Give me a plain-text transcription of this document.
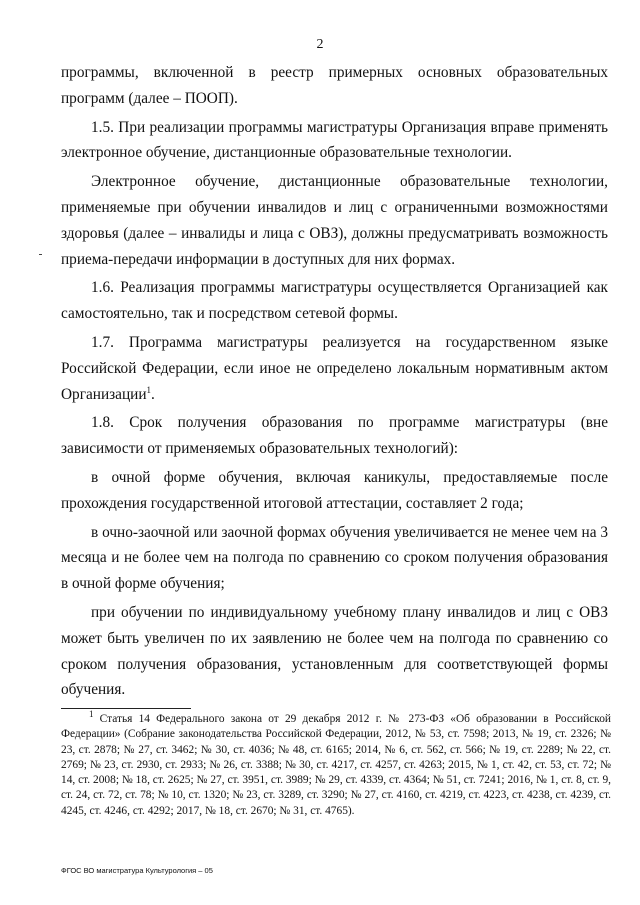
2

программы, включенной в реестр примерных основных образовательных программ (далее – ПООП).

1.5. При реализации программы магистратуры Организация вправе применять электронное обучение, дистанционные образовательные технологии.

Электронное обучение, дистанционные образовательные технологии, применяемые при обучении инвалидов и лиц с ограниченными возможностями здоровья (далее – инвалиды и лица с ОВЗ), должны предусматривать возможность приема-передачи информации в доступных для них формах.

1.6. Реализация программы магистратуры осуществляется Организацией как самостоятельно, так и посредством сетевой формы.

1.7. Программа магистратуры реализуется на государственном языке Российской Федерации, если иное не определено локальным нормативным актом Организации$^1$.

1.8. Срок получения образования по программе магистратуры (вне зависимости от применяемых образовательных технологий):

в очной форме обучения, включая каникулы, предоставляемые после прохождения государственной итоговой аттестации, составляет 2 года;

в очно-заочной или заочной формах обучения увеличивается не менее чем на 3 месяца и не более чем на полгода по сравнению со сроком получения образования в очной форме обучения;

при обучении по индивидуальному учебному плану инвалидов и лиц с ОВЗ может быть увеличен по их заявлению не более чем на полгода по сравнению со сроком получения образования, установленным для соответствующей формы обучения.

$^1$ Статья 14 Федерального закона от 29 декабря 2012 г. № 273-ФЗ «Об образовании в Российской Федерации» (Собрание законодательства Российской Федерации, 2012, № 53, ст. 7598; 2013, № 19, ст. 2326; № 23, ст. 2878; № 27, ст. 3462; № 30, ст. 4036; № 48, ст. 6165; 2014, № 6, ст. 562, ст. 566; № 19, ст. 2289; № 22, ст. 2769; № 23, ст. 2930, ст. 2933; № 26, ст. 3388; № 30, ст. 4217, ст. 4257, ст. 4263; 2015, № 1, ст. 42, ст. 53, ст. 72; № 14, ст. 2008; № 18, ст. 2625; № 27, ст. 3951, ст. 3989; № 29, ст. 4339, ст. 4364; № 51, ст. 7241; 2016, № 1, ст. 8, ст. 9, ст. 24, ст. 72, ст. 78; № 10, ст. 1320; № 23, ст. 3289, ст. 3290; № 27, ст. 4160, ст. 4219, ст. 4223, ст. 4238, ст. 4239, ст. 4245, ст. 4246, ст. 4292; 2017, № 18, ст. 2670; № 31, ст. 4765).
ФГОС ВО магистратура Культурология – 05
